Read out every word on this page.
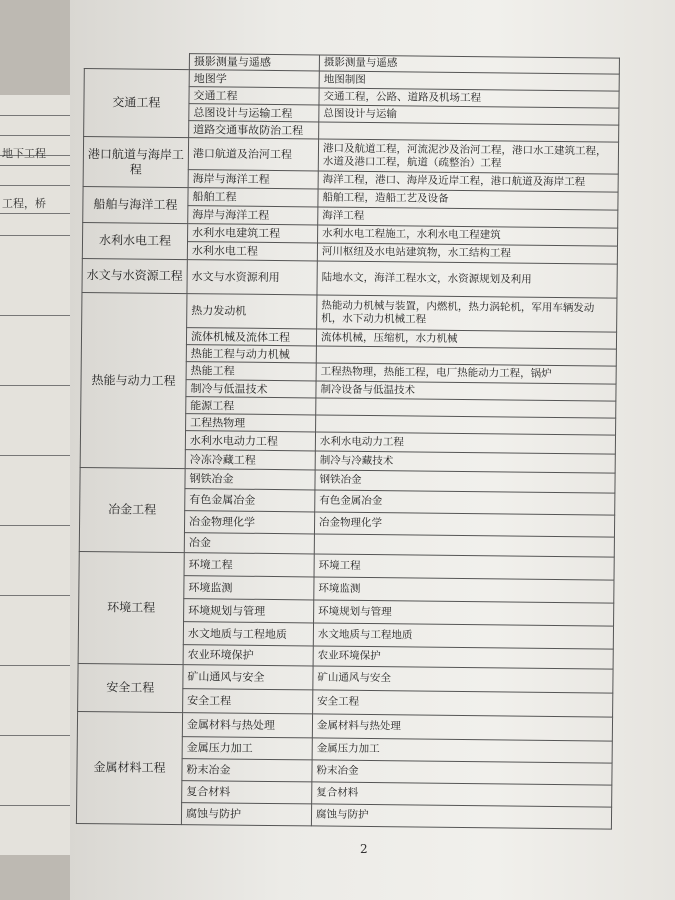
地下工程
工程，桥
	摄影测量与遥感	摄影测量与遥感
交通工程	地图学	地图制图
	交通工程	交通工程，公路、道路及机场工程
	总图设计与运输工程	总图设计与运输
	道路交通事故防治工程	
港口航道与海岸工程	港口航道及治河工程	港口及航道工程，河流泥沙及治河工程，港口水工建筑工程，水道及港口工程，航道（疏整治）工程
	海岸与海洋工程	海洋工程，港口、海岸及近岸工程，港口航道及海岸工程
船舶与海洋工程	船舶工程	船舶工程，造船工艺及设备
	海岸与海洋工程	海洋工程
水利水电工程	水利水电建筑工程	水利水电工程施工，水利水电工程建筑
	水利水电工程	河川枢纽及水电站建筑物，水工结构工程
水文与水资源工程	水文与水资源利用	陆地水文，海洋工程水文，水资源规划及利用
热能与动力工程	热力发动机	热能动力机械与装置，内燃机，热力涡轮机，军用车辆发动机，水下动力机械工程
	流体机械及流体工程	流体机械，压缩机，水力机械
	热能工程与动力机械	
	热能工程	工程热物理，热能工程，电厂热能动力工程，锅炉
	制冷与低温技术	制冷设备与低温技术
	能源工程	
	工程热物理	
	水利水电动力工程	水利水电动力工程
	冷冻冷藏工程	制冷与冷藏技术
冶金工程	钢铁冶金	钢铁冶金
	有色金属冶金	有色金属冶金
	冶金物理化学	冶金物理化学
	冶金	
环境工程	环境工程	环境工程
	环境监测	环境监测
	环境规划与管理	环境规划与管理
	水文地质与工程地质	水文地质与工程地质
	农业环境保护	农业环境保护
安全工程	矿山通风与安全	矿山通风与安全
	安全工程	安全工程
金属材料工程	金属材料与热处理	金属材料与热处理
	金属压力加工	金属压力加工
	粉末冶金	粉末冶金
	复合材料	复合材料
	腐蚀与防护	腐蚀与防护
2
